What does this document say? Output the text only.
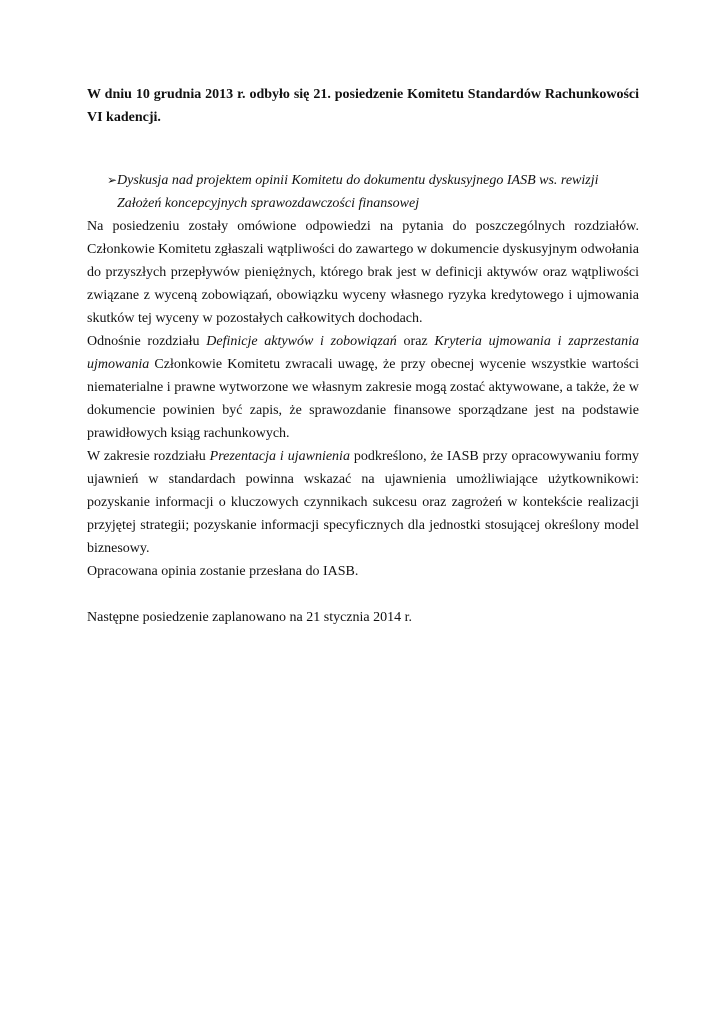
W dniu 10 grudnia 2013 r. odbyło się 21. posiedzenie Komitetu Standardów Rachunkowości VI kadencji.

➢ Dyskusja nad projektem opinii Komitetu do dokumentu dyskusyjnego IASB ws. rewizji Założeń koncepcyjnych sprawozdawczości finansowej

Na posiedzeniu zostały omówione odpowiedzi na pytania do poszczególnych rozdziałów. Członkowie Komitetu zgłaszali wątpliwości do zawartego w dokumencie dyskusyjnym odwołania do przyszłych przepływów pieniężnych, którego brak jest w definicji aktywów oraz wątpliwości związane z wyceną zobowiązań, obowiązku wyceny własnego ryzyka kredytowego i ujmowania skutków tej wyceny w pozostałych całkowitych dochodach.

Odnośnie rozdziału Definicje aktywów i zobowiązań oraz Kryteria ujmowania i zaprzestania ujmowania Członkowie Komitetu zwracali uwagę, że przy obecnej wycenie wszystkie wartości niematerialne i prawne wytworzone we własnym zakresie mogą zostać aktywowane, a także, że w dokumencie powinien być zapis, że sprawozdanie finansowe sporządzane jest na podstawie prawidłowych ksiąg rachunkowych.

W zakresie rozdziału Prezentacja i ujawnienia podkreślono, że IASB przy opracowywaniu formy ujawnień w standardach powinna wskazać na ujawnienia umożliwiające użytkownikowi: pozyskanie informacji o kluczowych czynnikach sukcesu oraz zagrożeń w kontekście realizacji przyjętej strategii; pozyskanie informacji specyficznych dla jednostki stosującej określony model biznesowy.

Opracowana opinia zostanie przesłana do IASB.

Następne posiedzenie zaplanowano na 21 stycznia 2014 r.
